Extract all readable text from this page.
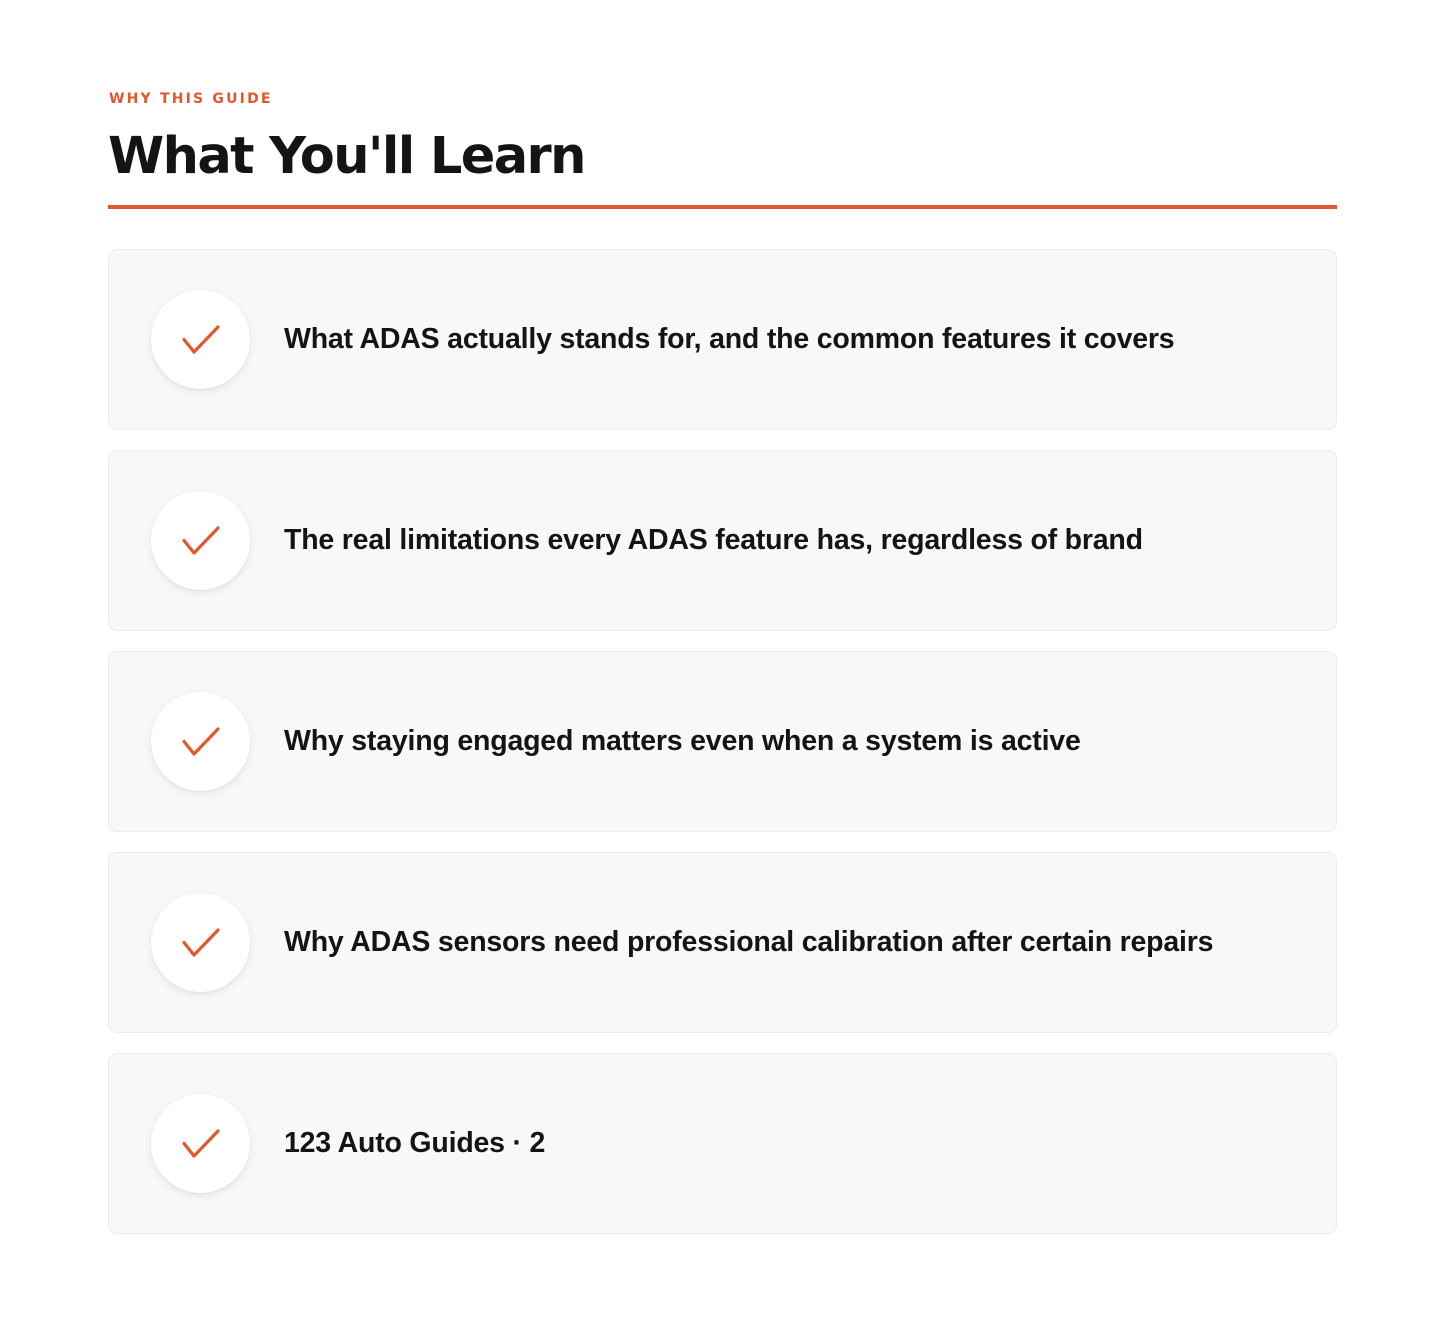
WHY THIS GUIDE

What You'll Learn
What ADAS actually stands for, and the common features it covers
The real limitations every ADAS feature has, regardless of brand
Why staying engaged matters even when a system is active
Why ADAS sensors need professional calibration after certain repairs
123 Auto Guides · 2
